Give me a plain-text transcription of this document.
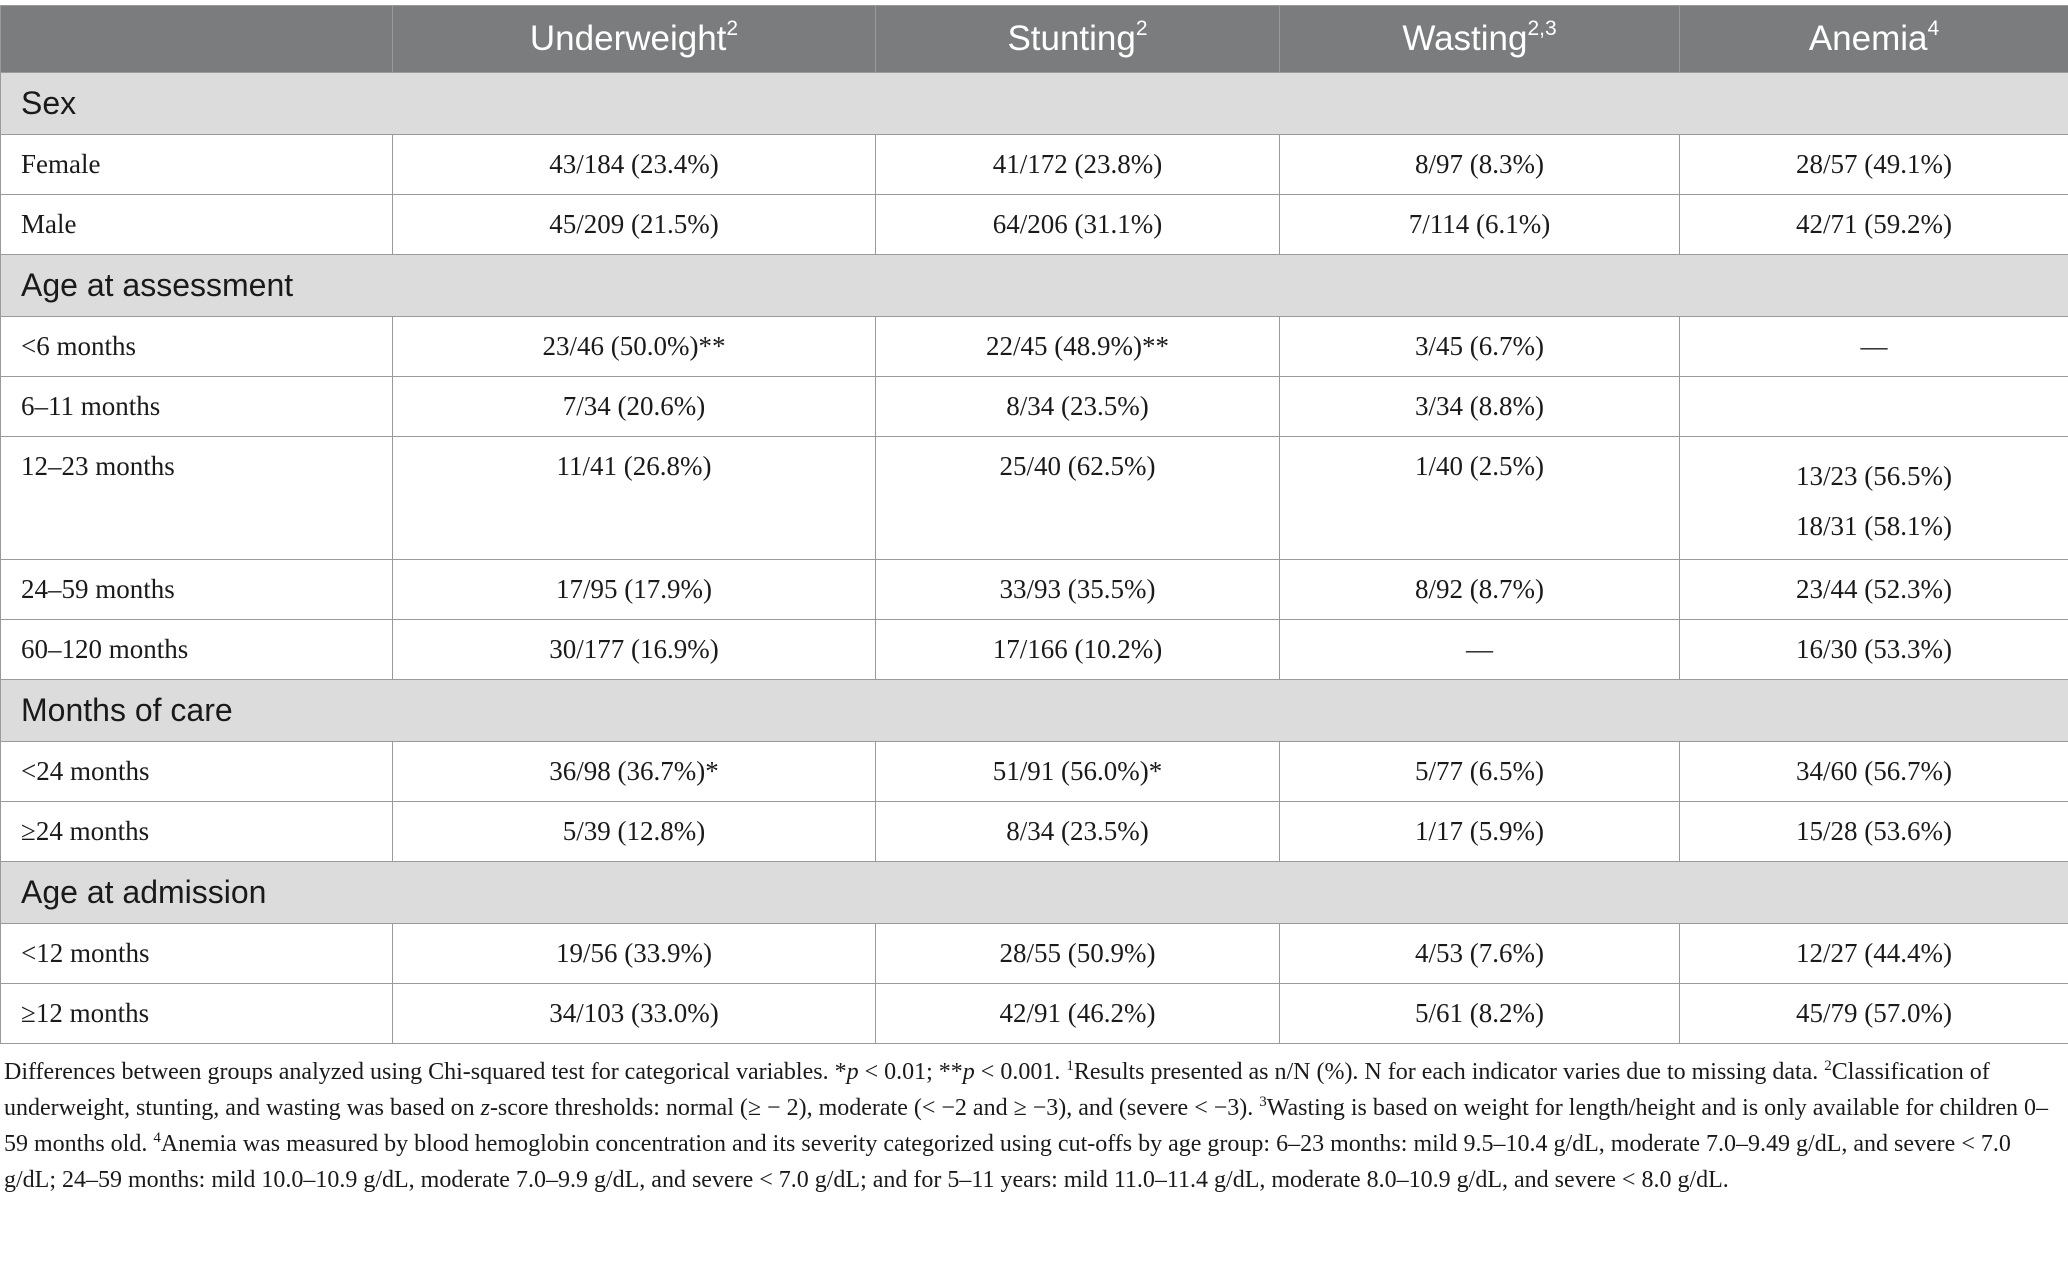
	Underweight$^2$	Stunting$^2$	Wasting$^{2,3}$	Anemia$^4$
Sex				
Female	43/184 (23.4%)	41/172 (23.8%)	8/97 (8.3%)	28/57 (49.1%)
Male	45/209 (21.5%)	64/206 (31.1%)	7/114 (6.1%)	42/71 (59.2%)
Age at assessment				
<6 months	23/46 (50.0%)**	22/45 (48.9%)**	3/45 (6.7%)	—
6–11 months	7/34 (20.6%)	8/34 (23.5%)	3/34 (8.8%)	
12–23 months	11/41 (26.8%)	25/40 (62.5%)	1/40 (2.5%)	13/23 (56.5%)
18/31 (58.1%)

24–59 months	17/95 (17.9%)	33/93 (35.5%)	8/92 (8.7%)	23/44 (52.3%)
60–120 months	30/177 (16.9%)	17/166 (10.2%)	––	16/30 (53.3%)
Months of care				
<24 months	36/98 (36.7%)*	51/91 (56.0%)*	5/77 (6.5%)	34/60 (56.7%)
≥24 months	5/39 (12.8%)	8/34 (23.5%)	1/17 (5.9%)	15/28 (53.6%)
Age at admission				
<12 months	19/56 (33.9%)	28/55 (50.9%)	4/53 (7.6%)	12/27 (44.4%)
≥12 months	34/103 (33.0%)	42/91 (46.2%)	5/61 (8.2%)	45/79 (57.0%)
Differences between groups analyzed using Chi-squared test for categorical variables. *p < 0.01; **p < 0.001. $^1$Results presented as n/N (%). N for each indicator varies due to missing data. $^2$Classification of underweight, stunting, and wasting was based on z-score thresholds: normal (≥ − 2), moderate (< −2 and ≥ −3), and (severe < −3). $^3$Wasting is based on weight for length/height and is only available for children 0–59 months old. $^4$Anemia was measured by blood hemoglobin concentration and its severity categorized using cut-offs by age group: 6–23 months: mild 9.5–10.4 g/dL, moderate 7.0–9.49 g/dL, and severe < 7.0 g/dL; 24–59 months: mild 10.0–10.9 g/dL, moderate 7.0–9.9 g/dL, and severe < 7.0 g/dL; and for 5–11 years: mild 11.0–11.4 g/dL, moderate 8.0–10.9 g/dL, and severe < 8.0 g/dL.
